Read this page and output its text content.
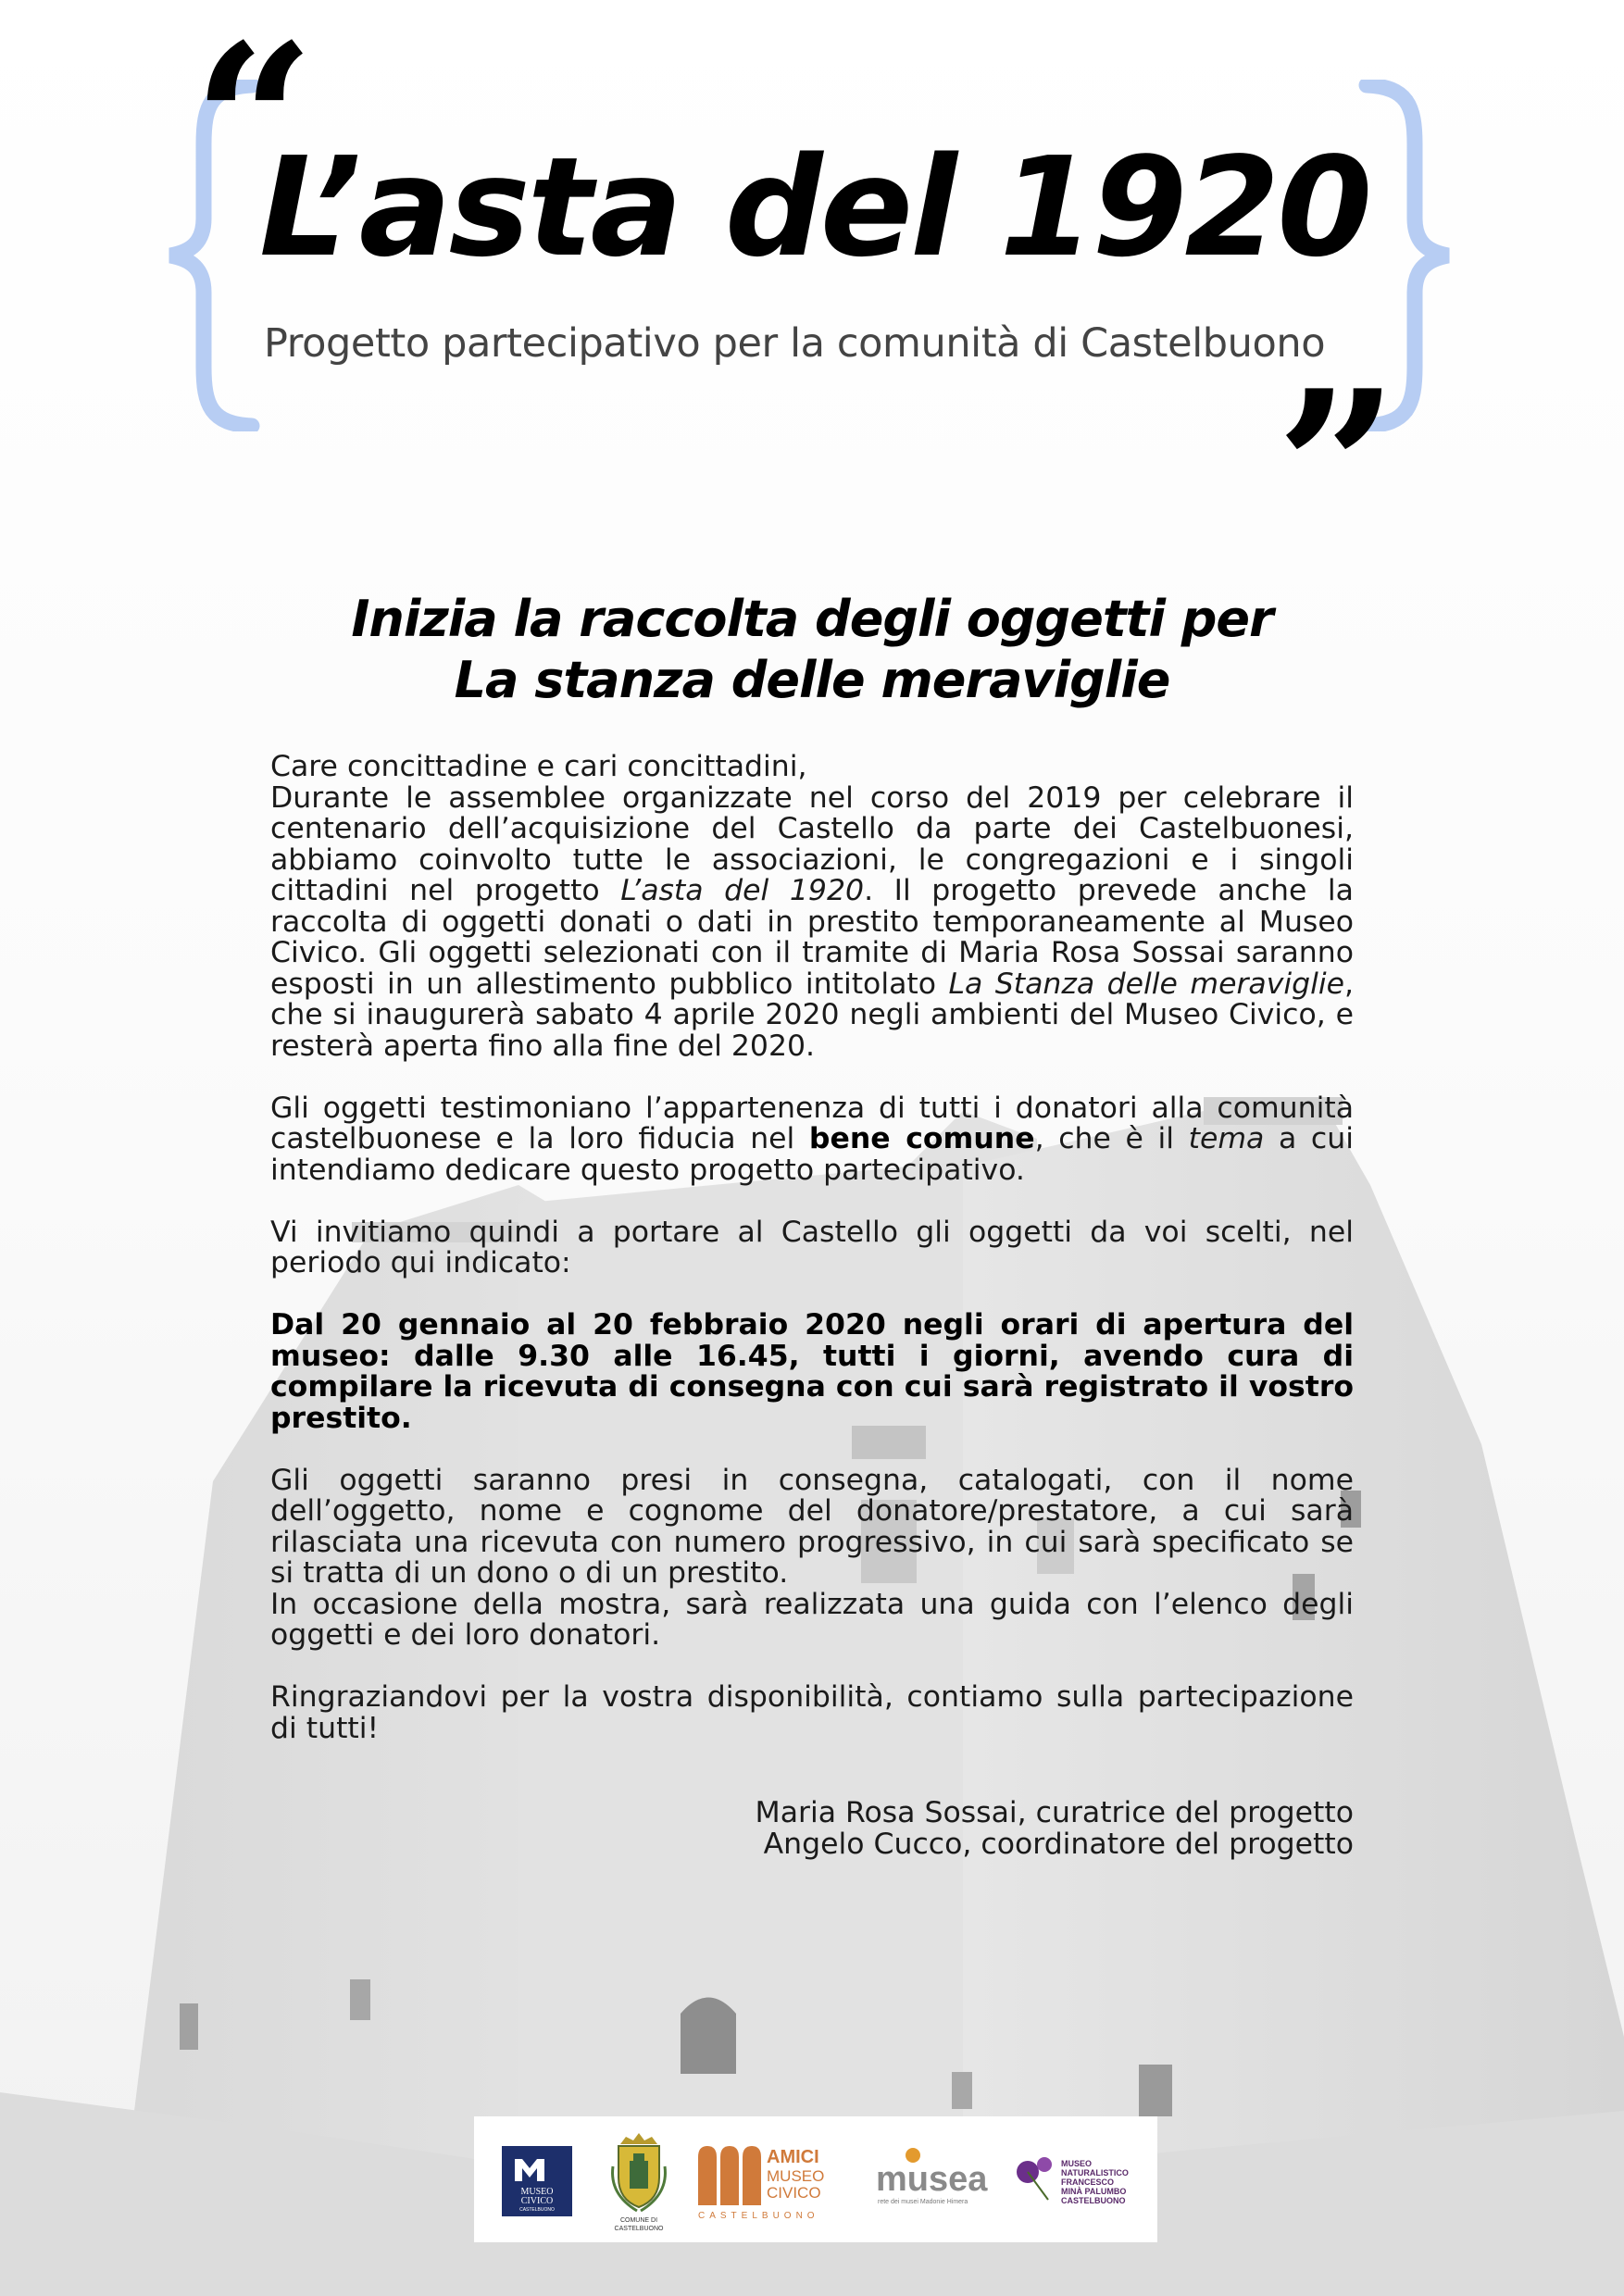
“
”
L’asta del 1920
Progetto partecipativo per la comunità di Castelbuono
Inizia la raccolta degli oggetti per
La stanza delle meraviglie
Care concittadine e cari concittadini,

Durante le assemblee organizzate nel corso del 2019 per celebrare il centenario dell’acquisizione del Castello da parte dei Castelbuonesi, abbiamo coinvolto tutte le associazioni, le congregazioni e i singoli cittadini nel progetto L’asta del 1920. Il progetto prevede anche la raccolta di oggetti donati o dati in prestito temporaneamente al Museo Civico. Gli oggetti selezionati con il tramite di Maria Rosa Sossai saranno esposti in un allestimento pubblico intitolato La Stanza delle meraviglie, che si inaugurerà sabato 4 aprile 2020 negli ambienti del Museo Civico, e resterà aperta fino alla fine del 2020.

Gli oggetti testimoniano l’appartenenza di tutti i donatori alla comunità castelbuonese e la loro fiducia nel bene comune, che è il tema a cui intendiamo dedicare questo progetto partecipativo.

Vi invitiamo quindi a portare al Castello gli oggetti da voi scelti, nel periodo qui indicato:

Dal 20 gennaio al 20 febbraio 2020 negli orari di apertura del museo: dalle 9.30 alle 16.45, tutti i giorni, avendo cura di compilare la ricevuta di consegna con cui sarà registrato il vostro prestito.

Gli oggetti saranno presi in consegna, catalogati, con il nome dell’oggetto, nome e cognome del donatore/prestatore, a cui sarà rilasciata una ricevuta con numero progressivo, in cui sarà specificato se si tratta di un dono o di un prestito.

In occasione della mostra, sarà realizzata una guida con l’elenco degli oggetti e dei loro donatori.

Ringraziandovi per la vostra disponibilità, contiamo sulla partecipazione di tutti!

Maria Rosa Sossai, curatrice del progetto
Angelo Cucco, coordinatore del progetto
MUSEO
CIVICO
CASTELBUONO
COMUNE DI
CASTELBUONO
AMICI
MUSEO
CIVICO
CASTELBUONO
musea
rete dei musei Madonie Himera
MUSEO
NATURALISTICO
FRANCESCO
MINÀ PALUMBO
CASTELBUONO
